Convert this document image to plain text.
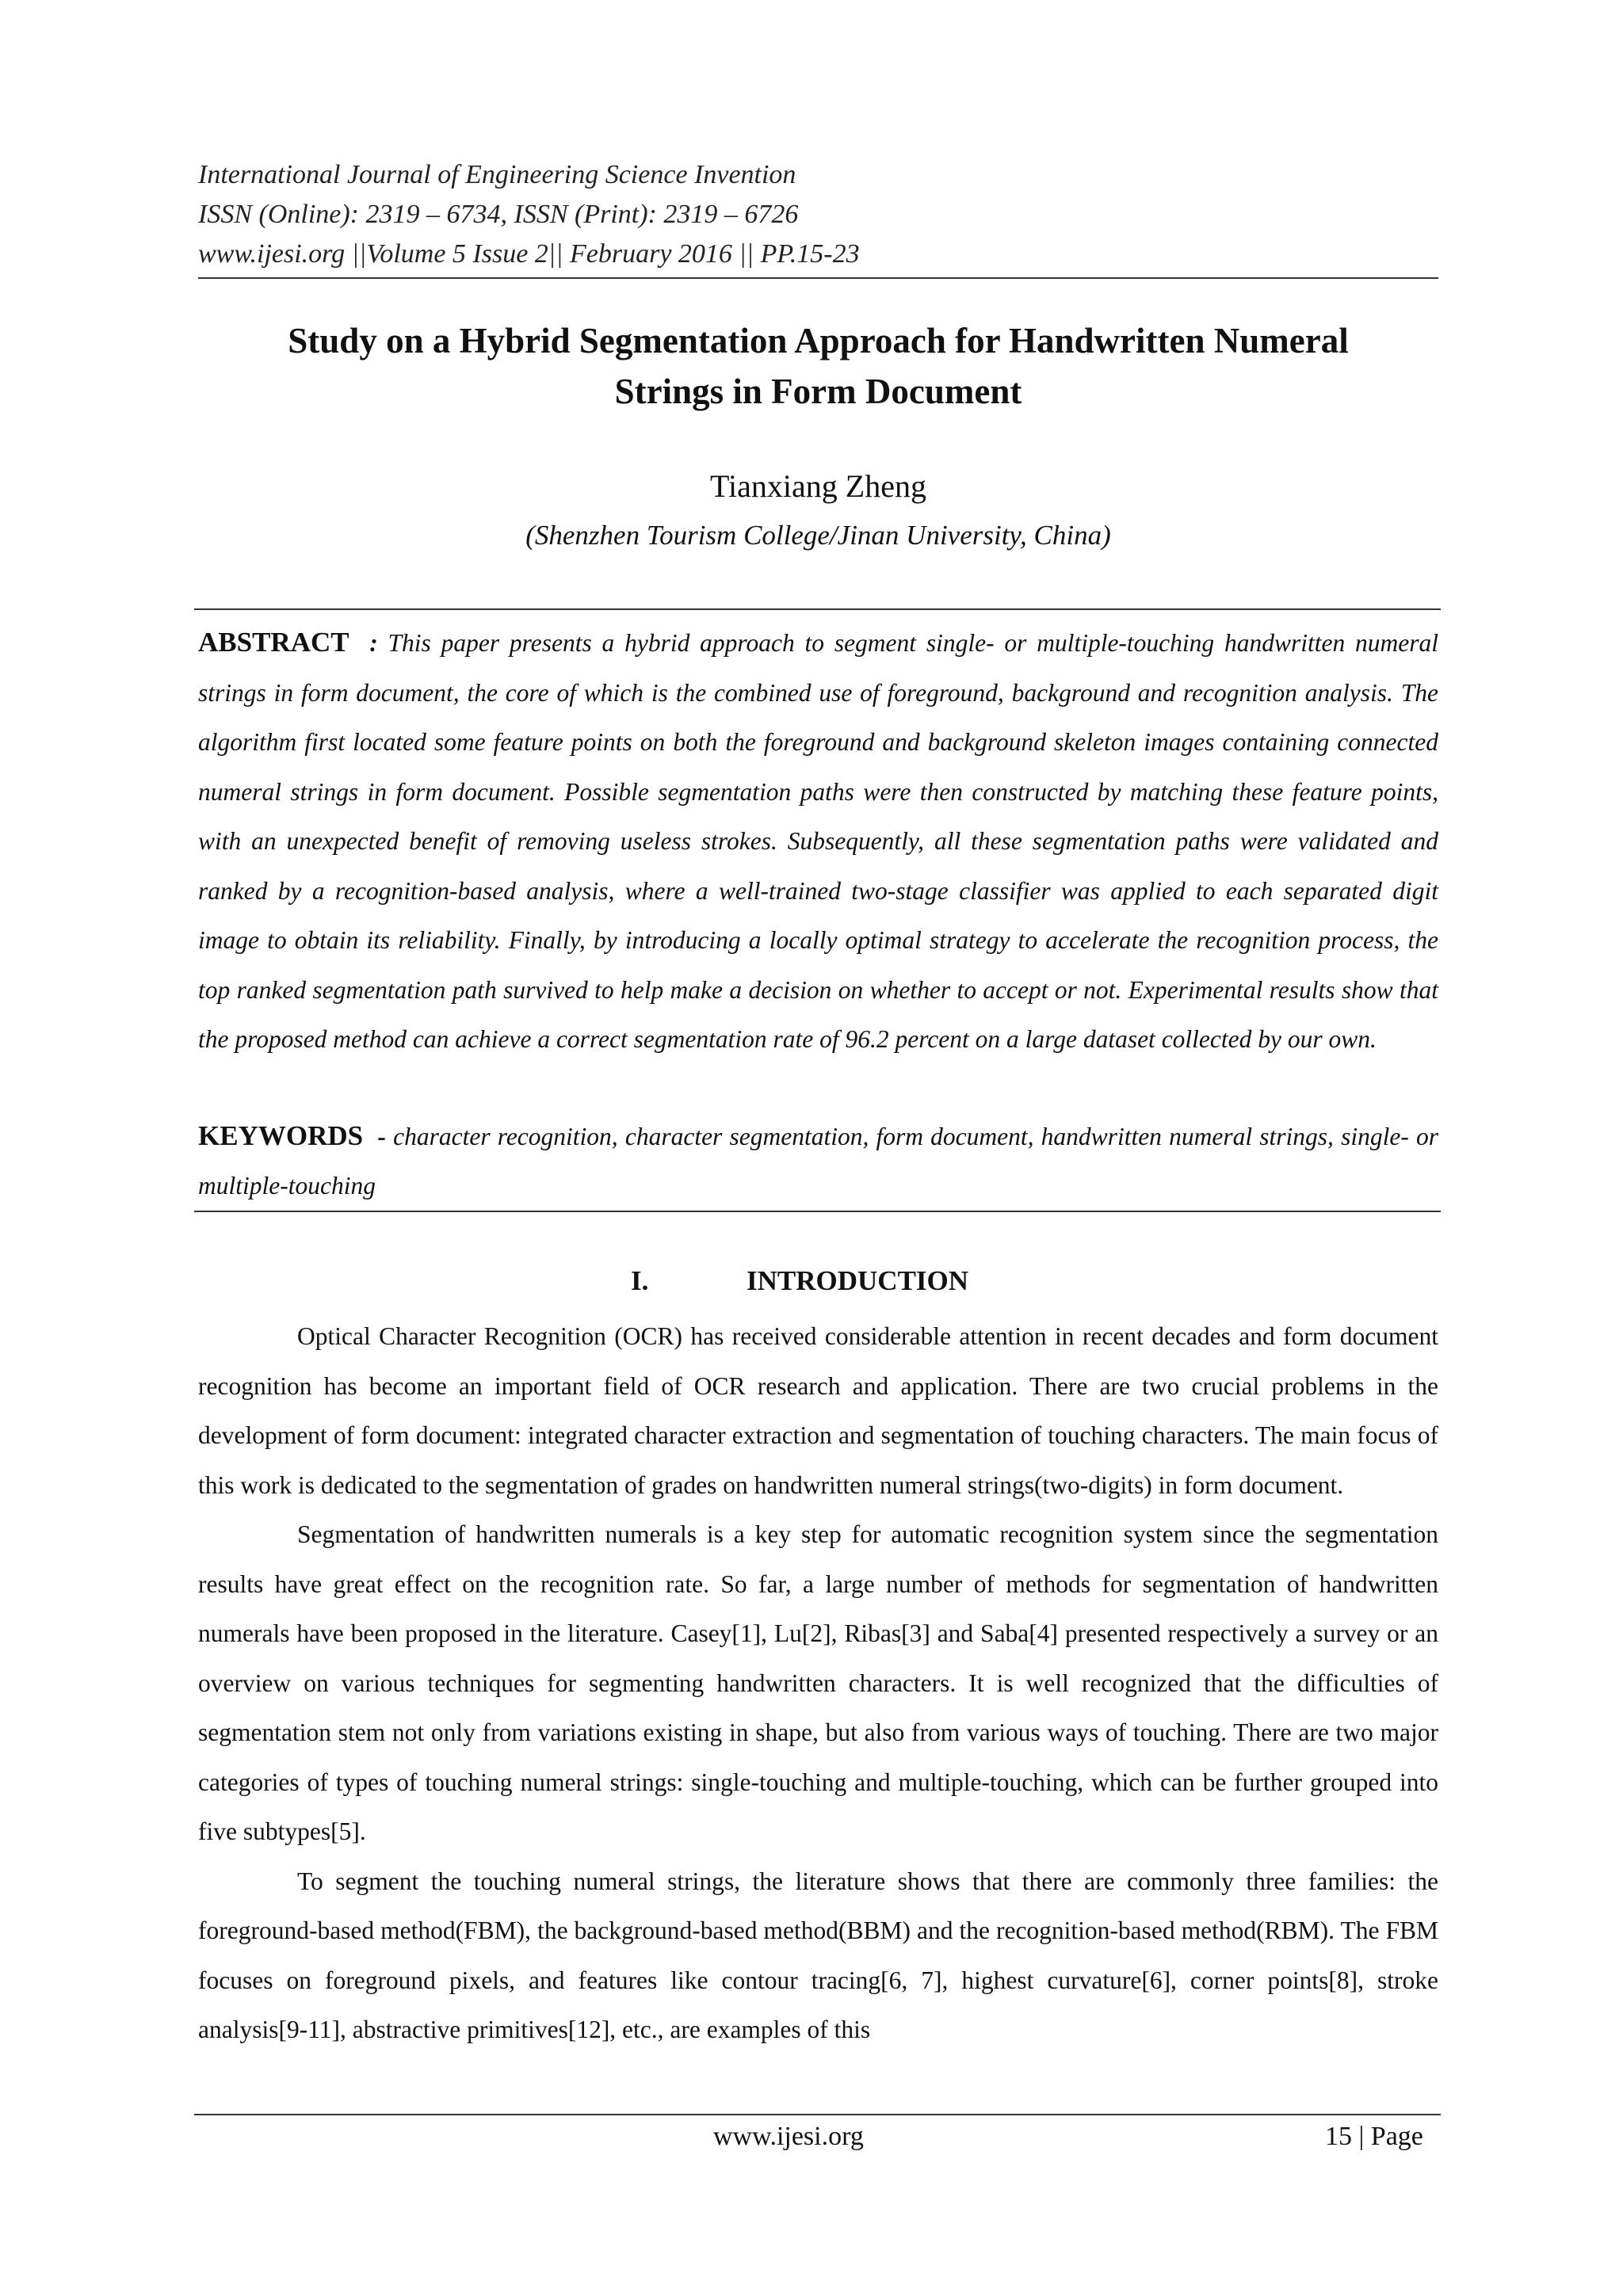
International Journal of Engineering Science Invention
ISSN (Online): 2319 – 6734, ISSN (Print): 2319 – 6726
www.ijesi.org ||Volume 5 Issue 2|| February 2016 || PP.15-23
Study on a Hybrid Segmentation Approach for Handwritten Numeral
Strings in Form Document
Tianxiang Zheng
(Shenzhen Tourism College/Jinan University, China)
ABSTRACT : This paper presents a hybrid approach to segment single- or multiple-touching handwritten numeral strings in form document, the core of which is the combined use of foreground, background and recognition analysis. The algorithm first located some feature points on both the foreground and background skeleton images containing connected numeral strings in form document. Possible segmentation paths were then constructed by matching these feature points, with an unexpected benefit of removing useless strokes. Subsequently, all these segmentation paths were validated and ranked by a recognition-based analysis, where a well-trained two-stage classifier was applied to each separated digit image to obtain its reliability. Finally, by introducing a locally optimal strategy to accelerate the recognition process, the top ranked segmentation path survived to help make a decision on whether to accept or not. Experimental results show that the proposed method can achieve a correct segmentation rate of 96.2 percent on a large dataset collected by our own.
KEYWORDS - character recognition, character segmentation, form document, handwritten numeral strings, single- or multiple-touching
I.	INTRODUCTION

Optical Character Recognition (OCR) has received considerable attention in recent decades and form document recognition has become an important field of OCR research and application. There are two crucial problems in the development of form document: integrated character extraction and segmentation of touching characters. The main focus of this work is dedicated to the segmentation of grades on handwritten numeral strings(two-digits) in form document.

Segmentation of handwritten numerals is a key step for automatic recognition system since the segmentation results have great effect on the recognition rate. So far, a large number of methods for segmentation of handwritten numerals have been proposed in the literature. Casey[1], Lu[2], Ribas[3] and Saba[4] presented respectively a survey or an overview on various techniques for segmenting handwritten characters. It is well recognized that the difficulties of segmentation stem not only from variations existing in shape, but also from various ways of touching. There are two major categories of types of touching numeral strings: single-touching and multiple-touching, which can be further grouped into five subtypes[5].

To segment the touching numeral strings, the literature shows that there are commonly three families: the foreground-based method(FBM), the background-based method(BBM) and the recognition-based method(RBM). The FBM focuses on foreground pixels, and features like contour tracing[6, 7], highest curvature[6], corner points[8], stroke analysis[9-11], abstractive primitives[12], etc., are examples of this

www.ijesi.org	15 | Page
